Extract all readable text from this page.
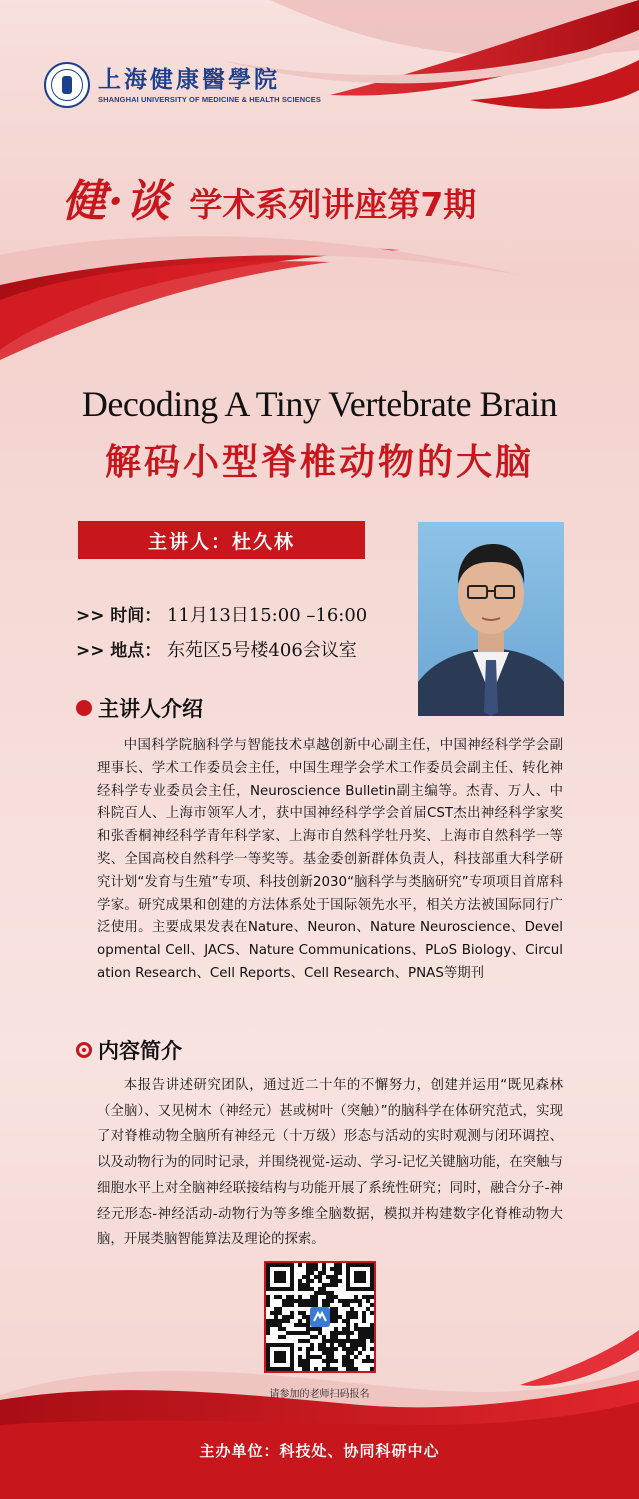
上海健康醫學院
SHANGHAI UNIVERSITY OF MEDICINE & HEALTH SCIENCES
健·谈 学术系列讲座第7期
Decoding A Tiny Vertebrate Brain
解码小型脊椎动物的大脑
主讲人：杜久林
>> 时间： 11月13日15:00 –16:00
>> 地点： 东苑区5号楼406会议室
主讲人介绍

中国科学院脑科学与智能技术卓越创新中心副主任，中国神经科学学会副理事长、学术工作委员会主任，中国生理学会学术工作委员会副主任、转化神经科学专业委员会主任，Neuroscience Bulletin副主编等。杰青、万人、中科院百人、上海市领军人才，获中国神经科学学会首届CST杰出神经科学家奖和张香桐神经科学青年科学家、上海市自然科学牡丹奖、上海市自然科学一等奖、全国高校自然科学一等奖等。基金委创新群体负责人，科技部重大科学研究计划“发育与生殖”专项、科技创新2030“脑科学与类脑研究”专项项目首席科学家。研究成果和创建的方法体系处于国际领先水平，相关方法被国际同行广泛使用。主要成果发表在Nature、Neuron、Nature Neuroscience、Developmental Cell、JACS、Nature Communications、PLoS Biology、Circulation Research、Cell Reports、Cell Research、PNAS等期刊

内容简介

本报告讲述研究团队，通过近二十年的不懈努力，创建并运用“既见森林（全脑）、又见树木（神经元）甚或树叶（突触）”的脑科学在体研究范式，实现了对脊椎动物全脑所有神经元（十万级）形态与活动的实时观测与闭环调控、以及动物行为的同时记录，并围绕视觉-运动、学习-记忆关键脑功能，在突触与细胞水平上对全脑神经联接结构与功能开展了系统性研究；同时，融合分子-神经元形态-神经活动-动物行为等多维全脑数据，模拟并构建数字化脊椎动物大脑，开展类脑智能算法及理论的探索。

请参加的老师扫码报名
主办单位：科技处、协同科研中心
